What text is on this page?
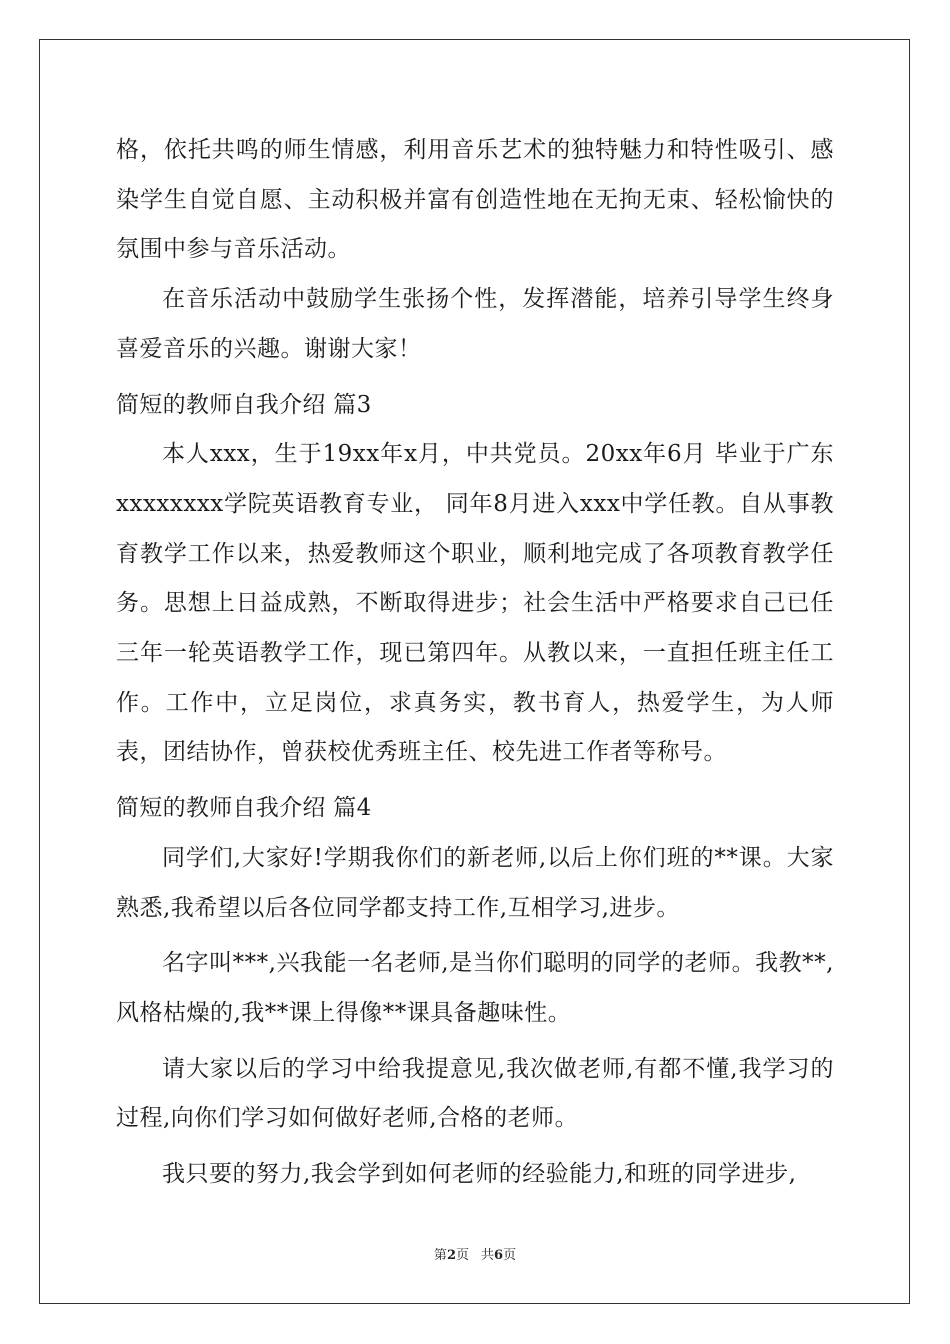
格，依托共鸣的师生情感，利用音乐艺术的独特魅力和特性吸引、感染学生自觉自愿、主动积极并富有创造性地在无拘无束、轻松愉快的氛围中参与音乐活动。

在音乐活动中鼓励学生张扬个性，发挥潜能，培养引导学生终身喜爱音乐的兴趣。谢谢大家！

简短的教师自我介绍 篇3

本人xxx，生于19xx年x月，中共党员。20xx年6月 毕业于广东xxxxxxxx学院英语教育专业， 同年8月进入xxx中学任教。自从事教育教学工作以来，热爱教师这个职业，顺利地完成了各项教育教学任务。思想上日益成熟，不断取得进步；社会生活中严格要求自己已任三年一轮英语教学工作，现已第四年。从教以来，一直担任班主任工作。工作中，立足岗位，求真务实，教书育人，热爱学生，为人师表，团结协作，曾获校优秀班主任、校先进工作者等称号。

简短的教师自我介绍 篇4

同学们,大家好!学期我你们的新老师,以后上你们班的**课。大家熟悉,我希望以后各位同学都支持工作,互相学习,进步。

名字叫***,兴我能一名老师,是当你们聪明的同学的老师。我教**,风格枯燥的,我**课上得像**课具备趣味性。

请大家以后的学习中给我提意见,我次做老师,有都不懂,我学习的过程,向你们学习如何做好老师,合格的老师。

我只要的努力,我会学到如何老师的经验能力,和班的同学进步,

第2页 共6页
